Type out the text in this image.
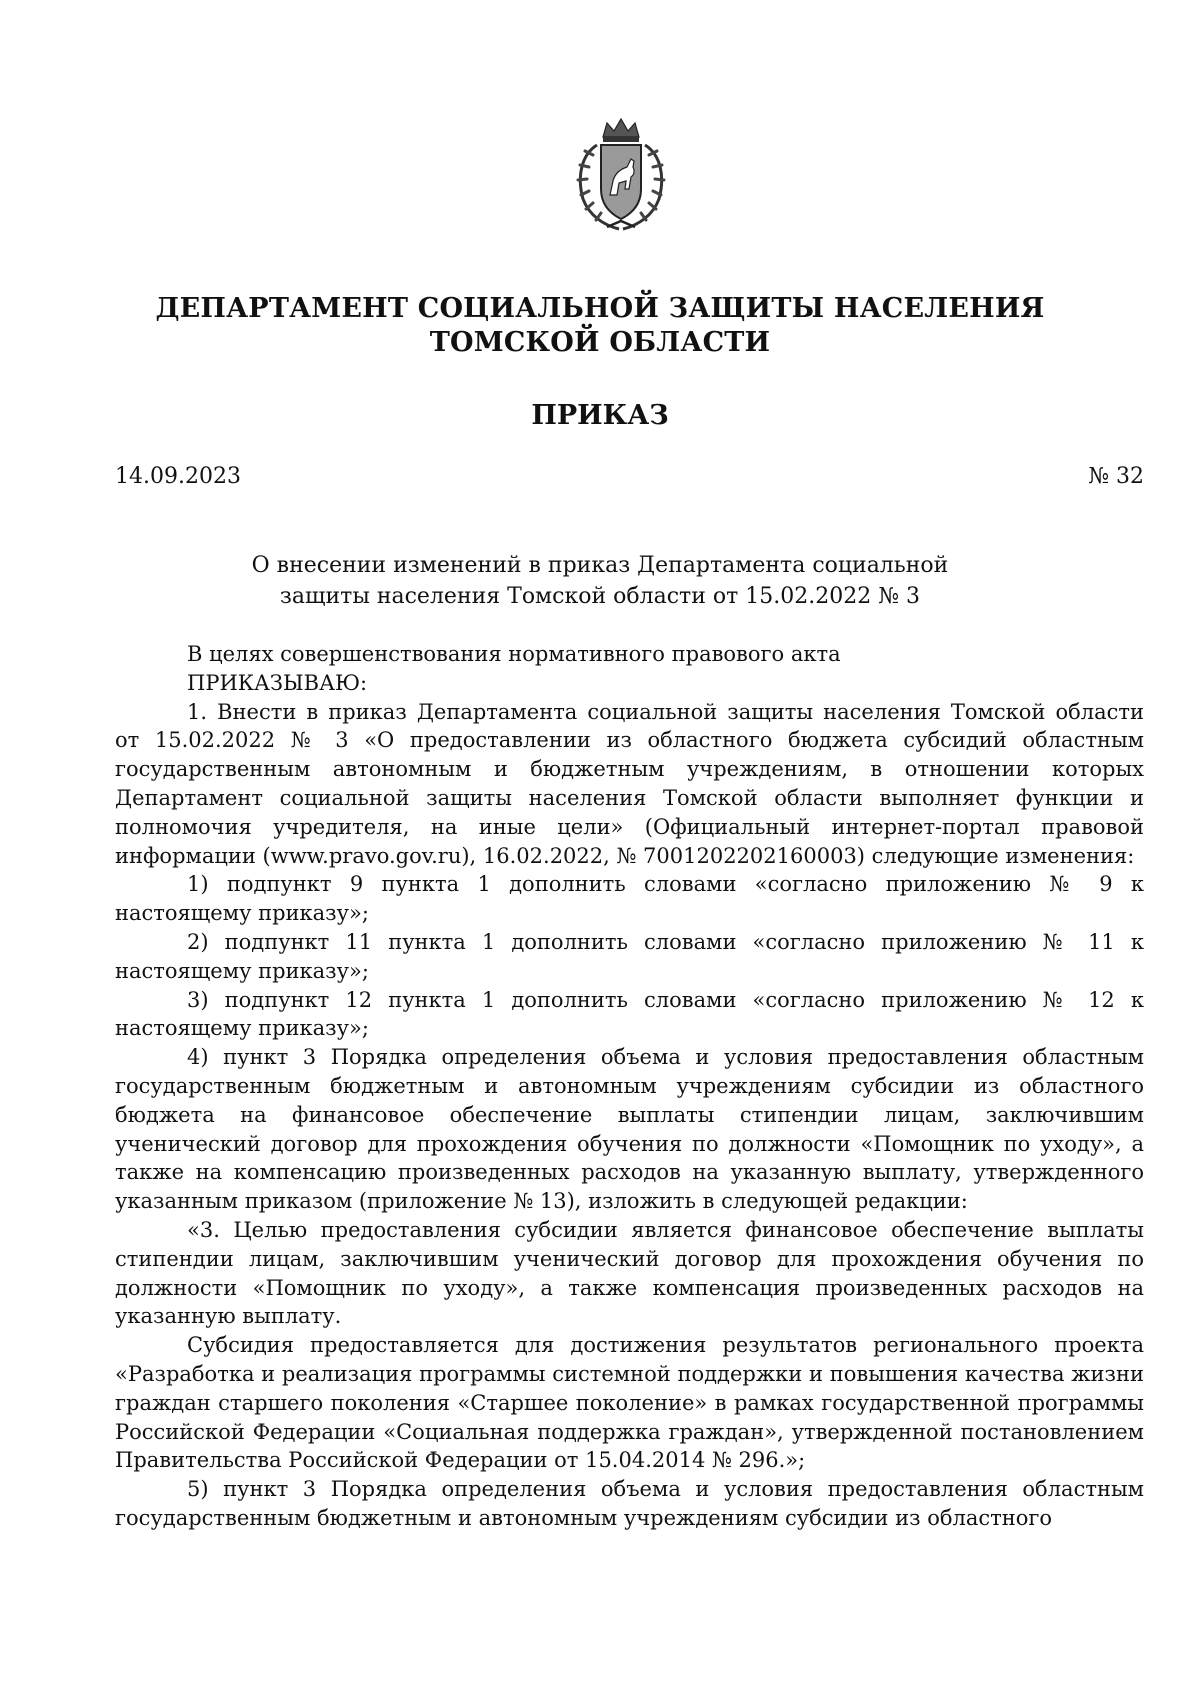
ДЕПАРТАМЕНТ СОЦИАЛЬНОЙ ЗАЩИТЫ НАСЕЛЕНИЯ
ТОМСКОЙ ОБЛАСТИ
ПРИКАЗ
14.09.2023	№ 32
О внесении изменений в приказ Департамента социальной
защиты населения Томской области от 15.02.2022 № 3

В целях совершенствования нормативного правового акта

ПРИКАЗЫВАЮ:

1. Внести в приказ Департамента социальной защиты населения Томской области от 15.02.2022 № 3 «О предоставлении из областного бюджета субсидий областным государственным автономным и бюджетным учреждениям, в отношении которых Департамент социальной защиты населения Томской области выполняет функции и полномочия учредителя, на иные цели» (Официальный интернет-портал правовой информации (www.pravo.gov.ru), 16.02.2022, № 7001202202160003) следующие изменения:

1) подпункт 9 пункта 1 дополнить словами «согласно приложению № 9 к настоящему приказу»;

2) подпункт 11 пункта 1 дополнить словами «согласно приложению № 11 к настоящему приказу»;

3) подпункт 12 пункта 1 дополнить словами «согласно приложению № 12 к настоящему приказу»;

4) пункт 3 Порядка определения объема и условия предоставления областным государственным бюджетным и автономным учреждениям субсидии из областного бюджета на финансовое обеспечение выплаты стипендии лицам, заключившим ученический договор для прохождения обучения по должности «Помощник по уходу», а также на компенсацию произведенных расходов на указанную выплату, утвержденного указанным приказом (приложение № 13), изложить в следующей редакции:

«3. Целью предоставления субсидии является финансовое обеспечение выплаты стипендии лицам, заключившим ученический договор для прохождения обучения по должности «Помощник по уходу», а также компенсация произведенных расходов на указанную выплату.

Субсидия предоставляется для достижения результатов регионального проекта «Разработка и реализация программы системной поддержки и повышения качества жизни граждан старшего поколения «Старшее поколение» в рамках государственной программы Российской Федерации «Социальная поддержка граждан», утвержденной постановлением Правительства Российской Федерации от 15.04.2014 № 296.»;

5) пункт 3 Порядка определения объема и условия предоставления областным государственным бюджетным и автономным учреждениям субсидии из областного
